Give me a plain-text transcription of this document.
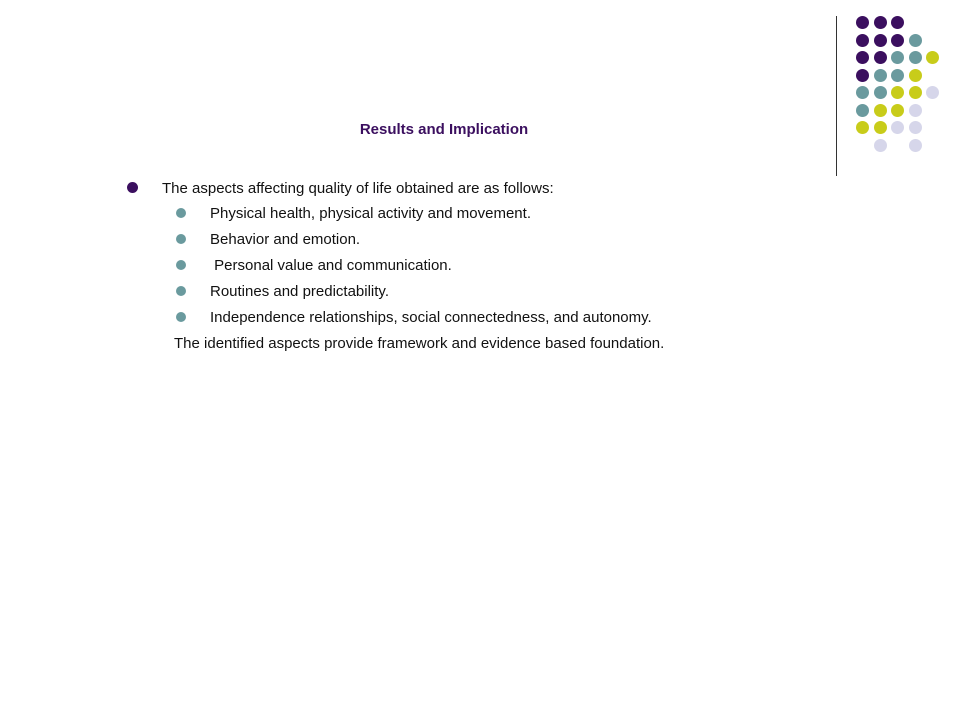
Results and Implication
The aspects affecting quality of life obtained are as follows:
Physical health, physical activity and movement.
Behavior and emotion.
Personal value and communication.
Routines and predictability.
Independence relationships, social connectedness, and autonomy.
The identified aspects provide framework and evidence based foundation.
